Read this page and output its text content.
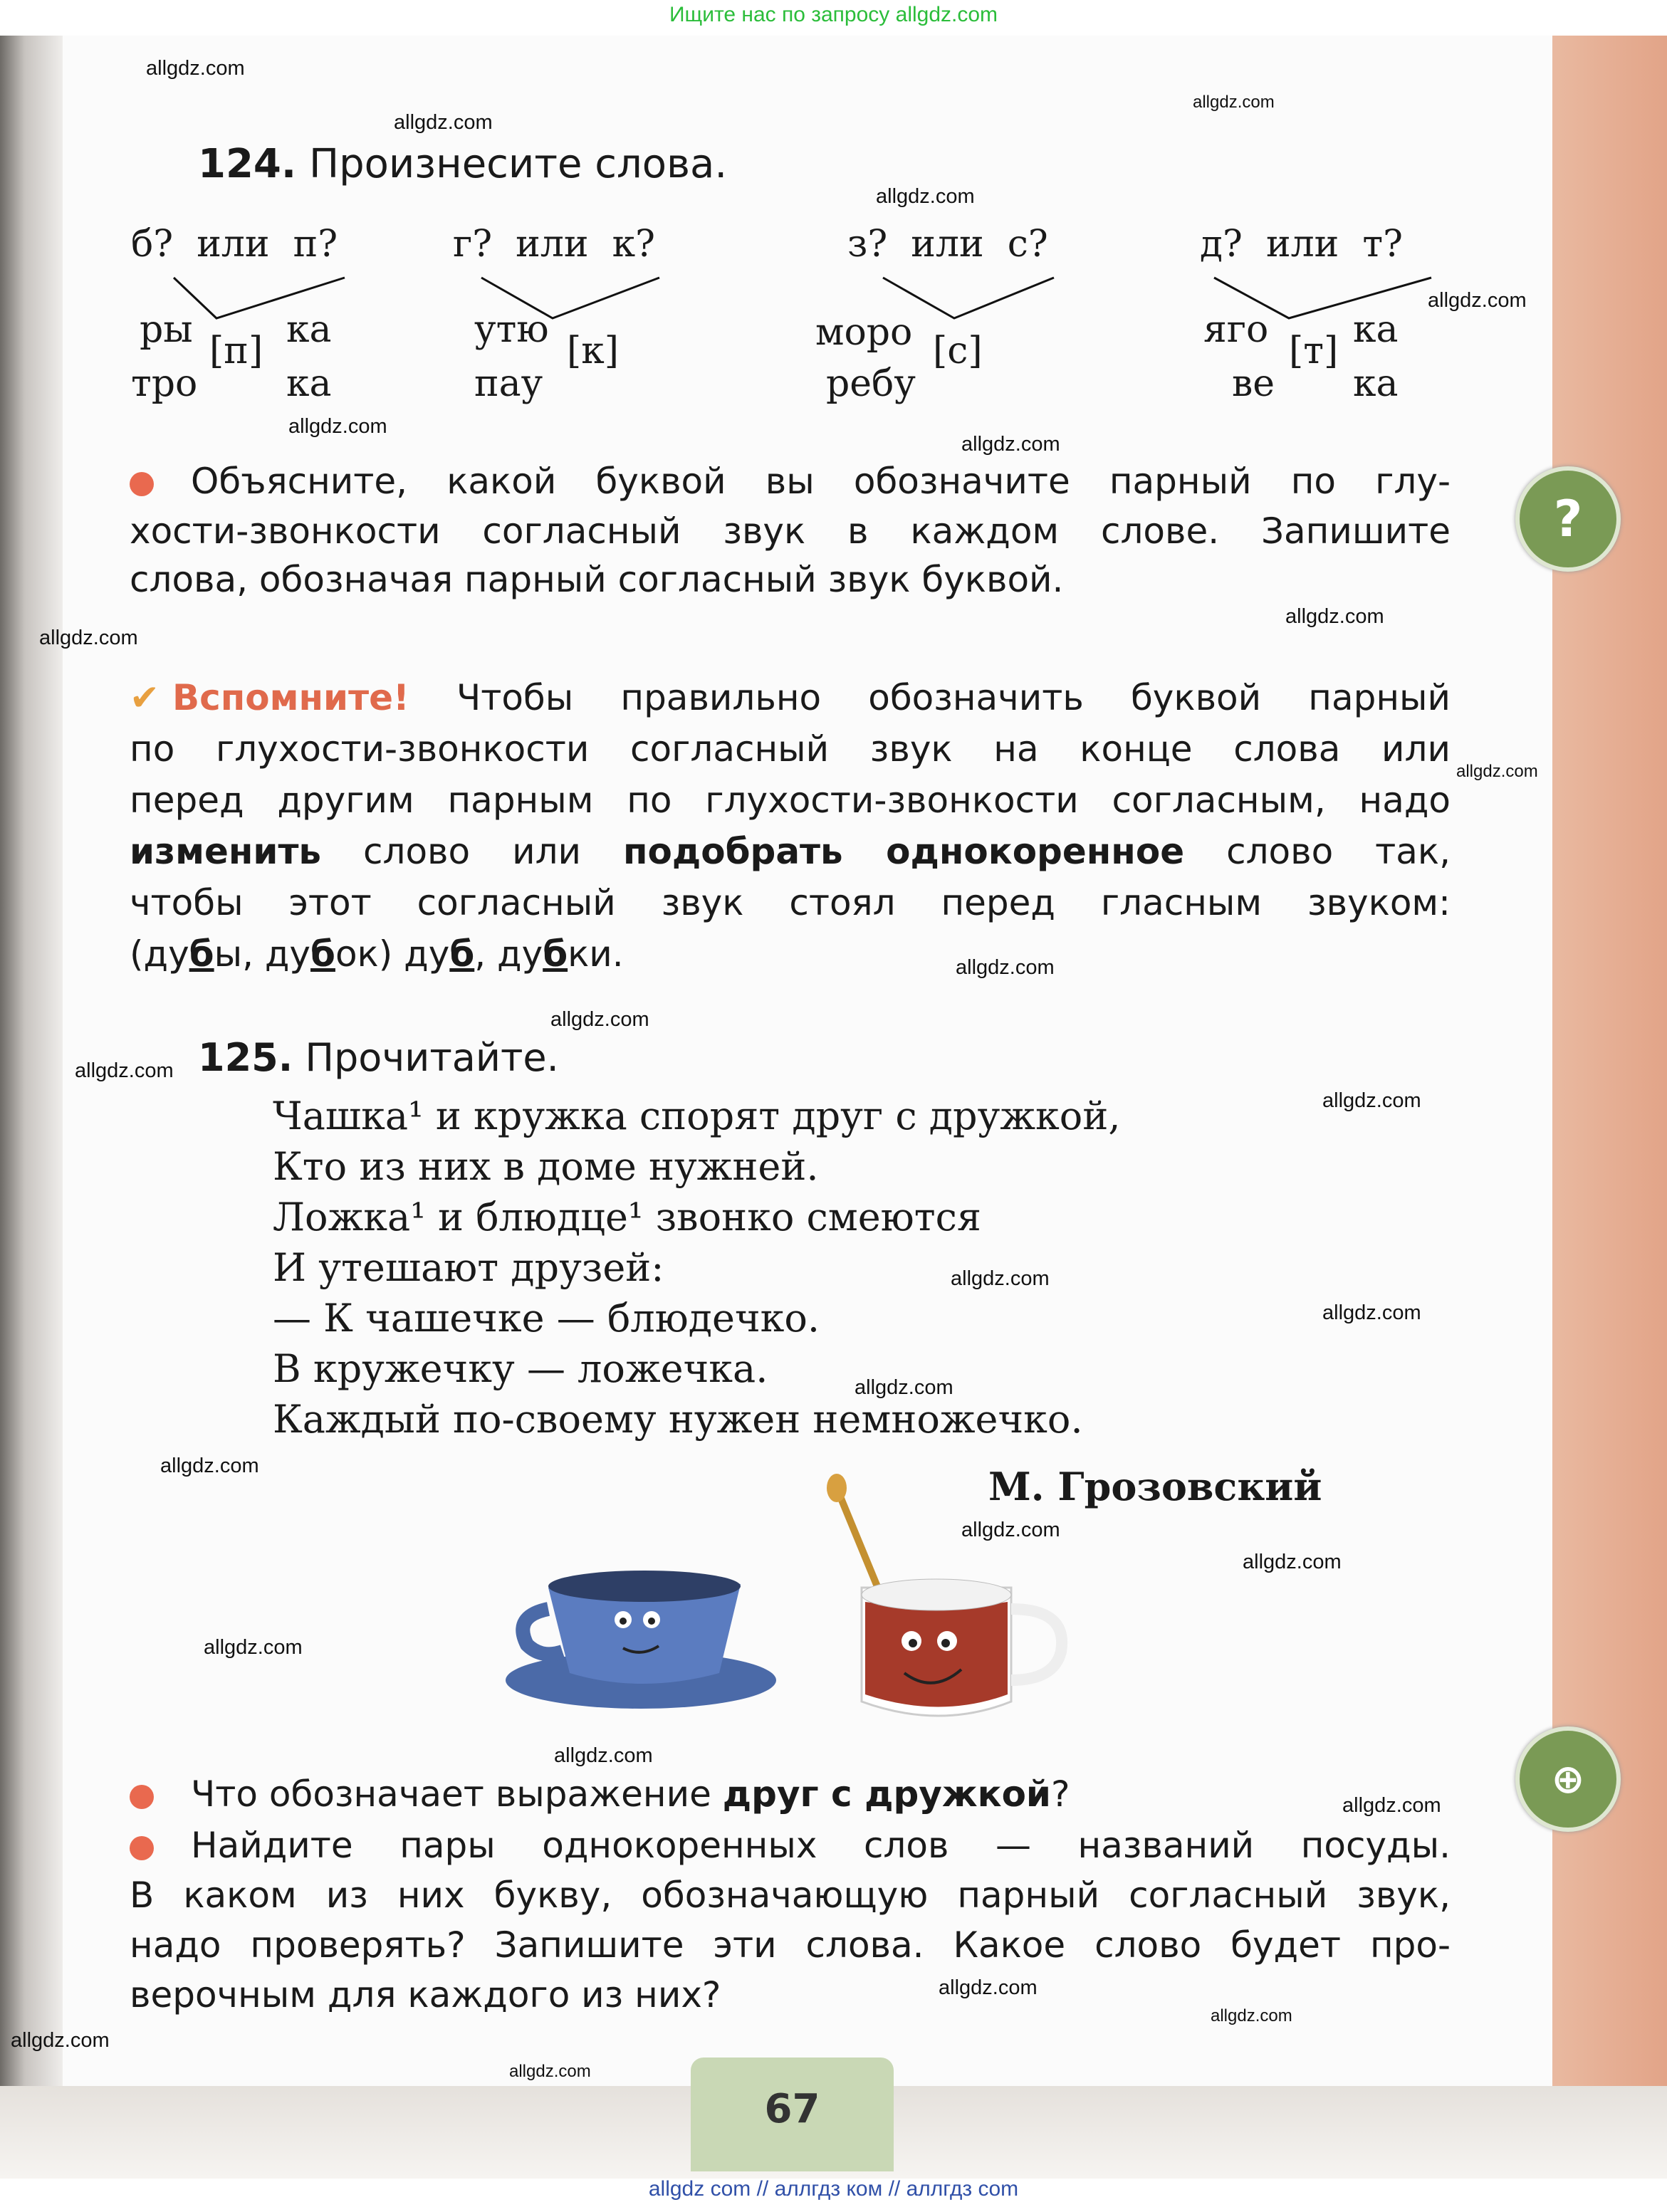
67
Ищите нас по запросу allgdz.com
allgdz com // аллгдз ком // аллгдз com
124. Произнесите слова.
б?  или  п?
ры [п] ка
тро ка
г?  или  к?
утю [к]
пау
з?  или  с?
моро [с]
ребу
д?  или  т?
яго [т] ка
ве ка
Объясните, какой буквой вы обозначите парный по глу-
хости-звонкости согласный звук в каждом слове. Запишите
слова, обозначая парный согласный звук буквой.
✔ Вспомните! Чтобы правильно обозначить буквой парный
по глухости-звонкости согласный звук на конце слова или
перед другим парным по глухости-звонкости согласным, надо
изменить слово или подобрать однокоренное слово так,
чтобы этот согласный звук стоял перед гласным звуком:
(дубы, дубок) дуб, дубки.
125. Прочитайте.
Чашка¹ и кружка спорят друг с дружкой,
Кто из них в доме нужней.
Ложка¹ и блюдце¹ звонко смеются
И утешают друзей:
— К чашечке — блюдечко.
В кружечку — ложечка.
Каждый по-своему нужен немножечко.
М. Грозовский
Что обозначает выражение друг с дружкой?
Найдите пары однокоренных слов — названий посуды.
В каком из них букву, обозначающую парный согласный звук,
надо проверять? Запишите эти слова. Какое слово будет про-
верочным для каждого из них?
?
⊕
allgdz.com
allgdz.com
allgdz.com
allgdz.com
allgdz.com
allgdz.com
allgdz.com
allgdz.com
allgdz.com
allgdz.com
allgdz.com
allgdz.com
allgdz.com
allgdz.com
allgdz.com
allgdz.com
allgdz.com
allgdz.com
allgdz.com
allgdz.com
allgdz.com
allgdz.com
allgdz.com
allgdz.com
allgdz.com
allgdz.com
allgdz.com
